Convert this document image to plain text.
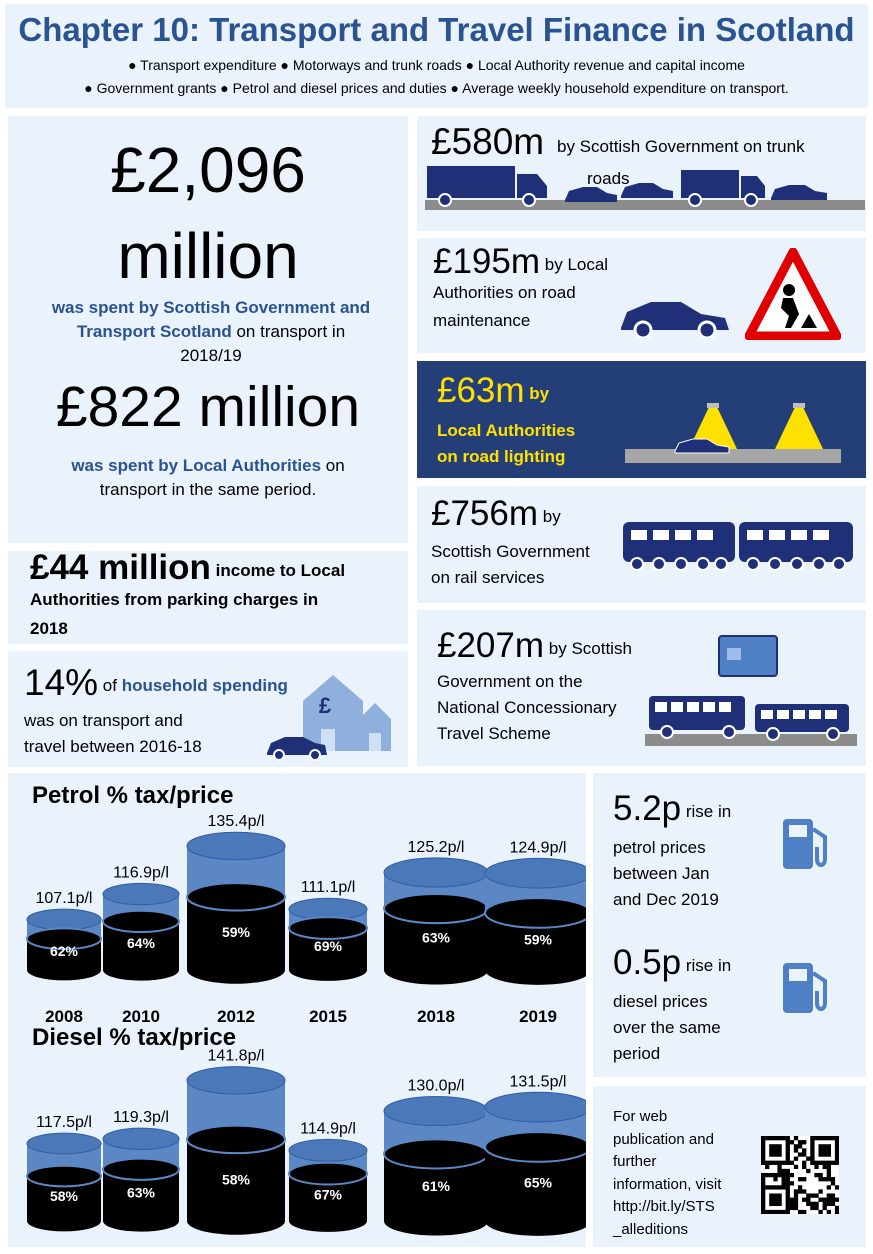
Chapter 10: Transport and Travel Finance in Scotland
● Transport expenditure ● Motorways and trunk roads ● Local Authority revenue and capital income
● Government grants ● Petrol and diesel prices and duties ● Average weekly household expenditure on transport.
£2,096
million
was spent by Scottish Government and Transport Scotland on transport in
2018/19
£822 million
was spent by Local Authorities on
transport in the same period.
£44 million income to Local
Authorities from parking charges in
2018
14% of household spending
was on transport and
travel between 2016-18
£
£580m by Scottish Government on trunk
roads
£195m by Local
Authorities on road
maintenance
£63m by
Local Authorities
on road lighting
£756m by
Scottish Government
on rail services
£207m by Scottish
Government on the
National Concessionary
Travel Scheme
Petrol % tax/price
62%
107.1p/l
64%
116.9p/l
59%
135.4p/l
69%
111.1p/l
63%
125.2p/l
59%
124.9p/l
Diesel % tax/price
58%
117.5p/l
63%
119.3p/l
58%
141.8p/l
67%
114.9p/l
61%
130.0p/l
65%
131.5p/l
2008 2010	2012	2015	2018	2019
5.2p rise in
petrol prices
between Jan
and Dec 2019
0.5p rise in
diesel prices
over the same
period
For web
publication and
further
information, visit
http://bit.ly/STS
_alleditions
